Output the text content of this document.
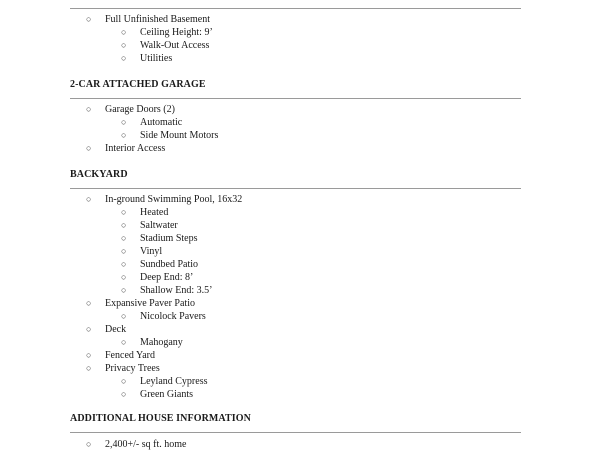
○ Full Unfinished Basement
○ Ceiling Height: 9’
○ Walk-Out Access
○ Utilities
2-CAR ATTACHED GARAGE
○ Garage Doors (2)
○ Automatic
○ Side Mount Motors
○ Interior Access
BACKYARD
○ In-ground Swimming Pool, 16x32
○ Heated
○ Saltwater
○ Stadium Steps
○ Vinyl
○ Sundbed Patio
○ Deep End: 8’
○ Shallow End: 3.5’
○ Expansive Paver Patio
○ Nicolock Pavers
○ Deck
○ Mahogany
○ Fenced Yard
○ Privacy Trees
○ Leyland Cypress
○ Green Giants
ADDITIONAL HOUSE INFORMATION
○ 2,400+/- sq ft. home
